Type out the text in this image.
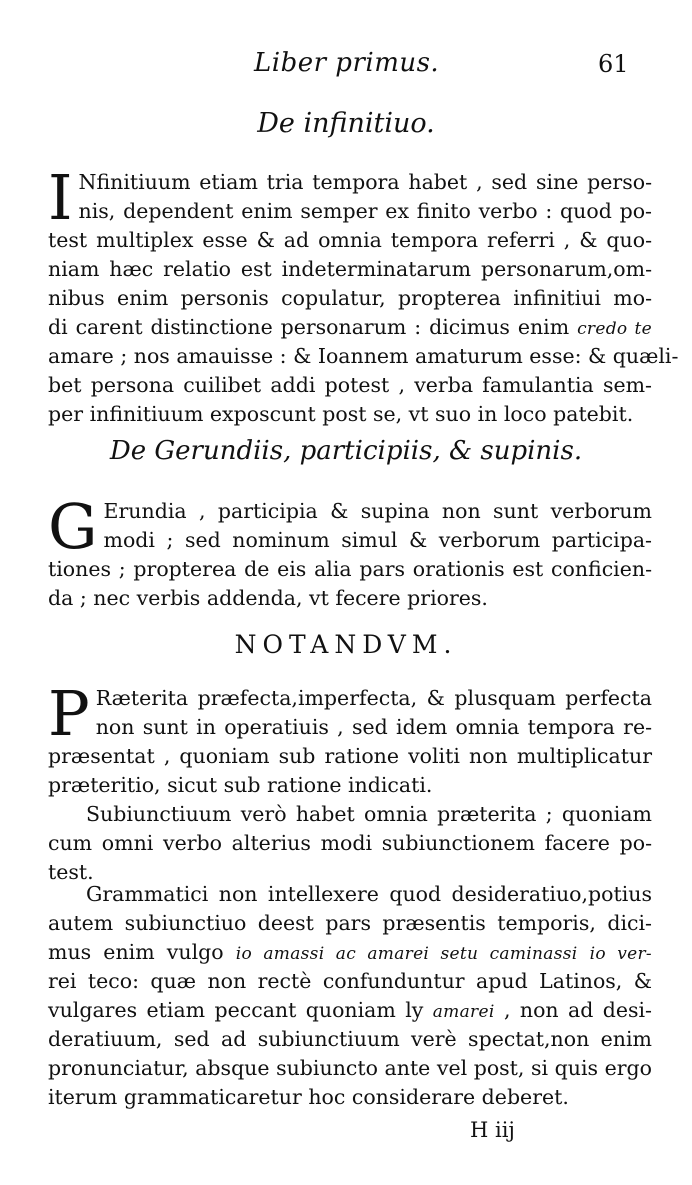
Liber primus.	61
De infinitiuo.
I Nfinitiuum etiam tria tempora habet , sed sine perso-
nis, dependent enim semper ex finito verbo : quod po-
test multiplex esse & ad omnia tempora referri , & quo-
niam hæc relatio est indeterminatarum personarum,om-
nibus enim personis copulatur, propterea infinitiui mo-
di carent distinctione personarum : dicimus enim credo te
amare ; nos amauisse : & Ioannem amaturum esse: & quæli-
bet persona cuilibet addi potest , verba famulantia sem-
per infinitiuum exposcunt post se, vt suo in loco patebit.
De Gerundiis, participiis, & supinis.
G Erundia , participia & supina non sunt verborum
modi ; sed nominum simul & verborum participa-
tiones ; propterea de eis alia pars orationis est conficien-
da ; nec verbis addenda, vt fecere priores.
NOTANDVM.
P Ræterita præfecta,imperfecta, & plusquam perfecta
non sunt in operatiuis , sed idem omnia tempora re-
præsentat , quoniam sub ratione voliti non multiplicatur
præteritio, sicut sub ratione indicati.
Subiunctiuum verò habet omnia præterita ; quoniam
cum omni verbo alterius modi subiunctionem facere po-
test.
Grammatici non intellexere quod desideratiuo,potius
autem subiunctiuo deest pars præsentis temporis, dici-
mus enim vulgo io amassi ac amarei setu caminassi io ver-
rei teco: quæ non rectè confunduntur apud Latinos, &
vulgares etiam peccant quoniam ly amarei , non ad desi-
deratiuum, sed ad subiunctiuum verè spectat,non enim
pronunciatur, absque subiuncto ante vel post, si quis ergo
iterum grammaticaretur hoc considerare deberet.
H iij
